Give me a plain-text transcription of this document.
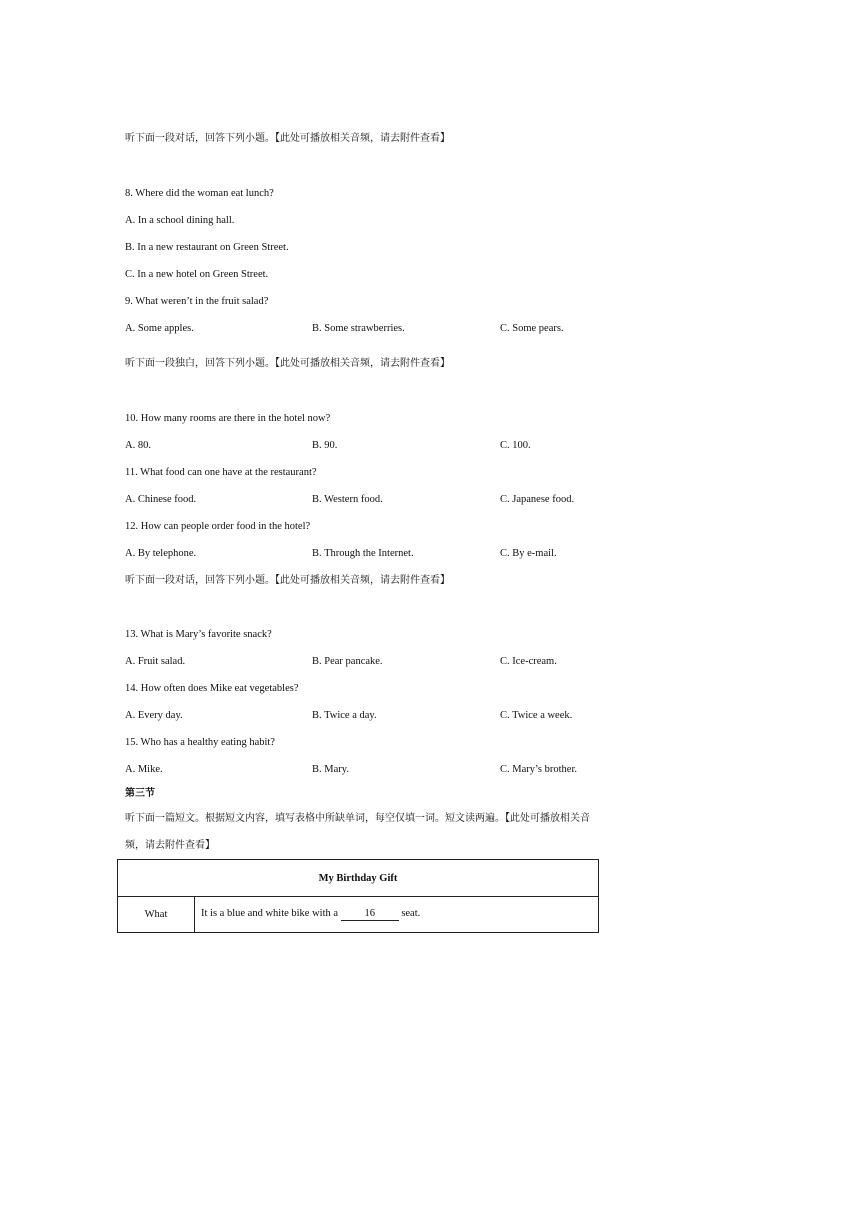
听下面一段对话，回答下列小题。【此处可播放相关音频，请去附件查看】
8. Where did the woman eat lunch?
A. In a school dining hall.
B. In a new restaurant on Green Street.
C. In a new hotel on Green Street.
9. What weren’t in the fruit salad?
A. Some apples.	B. Some strawberries.	C. Some pears.
听下面一段独白，回答下列小题。【此处可播放相关音频，请去附件查看】
10. How many rooms are there in the hotel now?
A. 80.	B. 90.	C. 100.
11. What food can one have at the restaurant?
A. Chinese food.	B. Western food.	C. Japanese food.
12. How can people order food in the hotel?
A. By telephone.	B. Through the Internet.	C. By e-mail.
听下面一段对话，回答下列小题。【此处可播放相关音频，请去附件查看】
13. What is Mary’s favorite snack?
A. Fruit salad.	B. Pear pancake.	C. Ice-cream.
14. How often does Mike eat vegetables?
A. Every day.	B. Twice a day.	C. Twice a week.
15. Who has a healthy eating habit?
A. Mike.	B. Mary.	C. Mary’s brother.
第三节
听下面一篇短文。根据短文内容，填写表格中所缺单词，每空仅填一词。短文读两遍。【此处可播放相关音
频，请去附件查看】
My Birthday Gift
What	It is a blue and white bike with a	16	seat.
